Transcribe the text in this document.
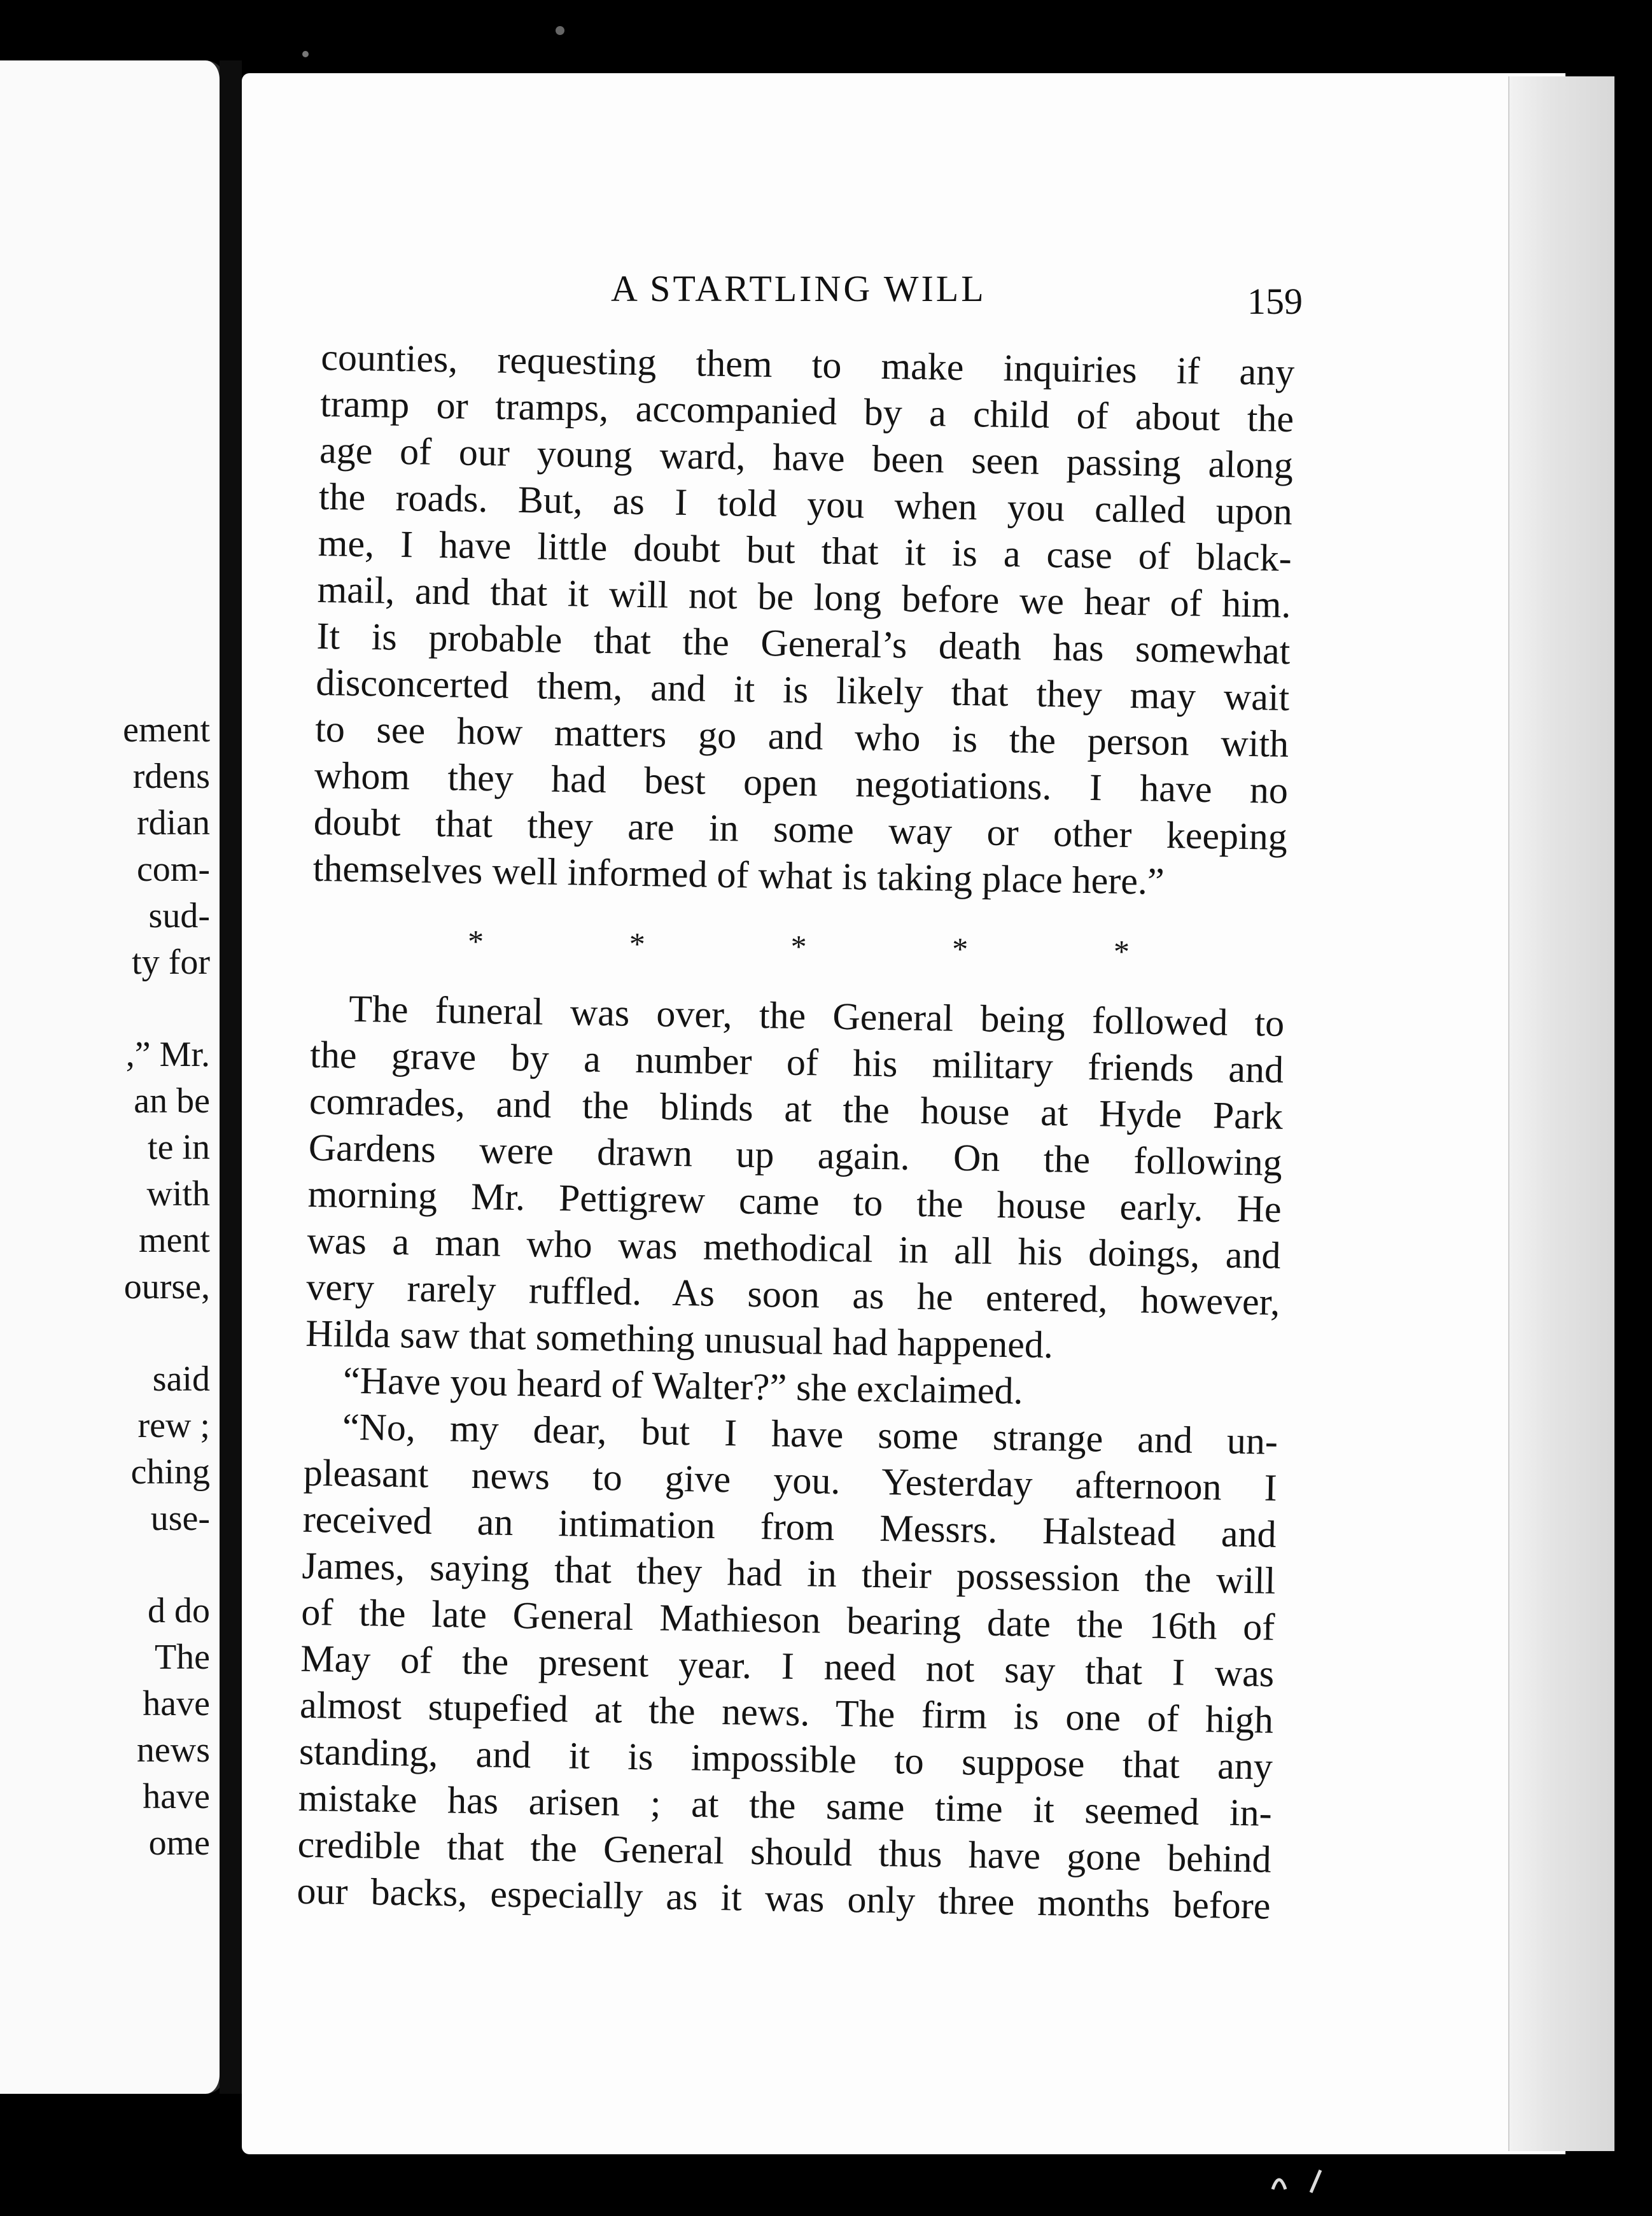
ement
rdens
rdian
com-
sud-
ty for
,” Mr.
an be
te in
with
ment
ourse,
said
rew ;
ching
use-
d do
The
have
news
have
ome
A STARTLING WILL	159
counties, requesting them to make inquiries if any
tramp or tramps, accompanied by a child of about the
age of our young ward, have been seen passing along
the roads. But, as I told you when you called upon
me, I have little doubt but that it is a case of black-
mail, and that it will not be long before we hear of him.
It is probable that the General’s death has somewhat
disconcerted them, and it is likely that they may wait
to see how matters go and who is the person with
whom they had best open negotiations. I have no
doubt that they are in some way or other keeping
themselves well informed of what is taking place here.”
*	*	*	*	*
The funeral was over, the General being followed to
the grave by a number of his military friends and
comrades, and the blinds at the house at Hyde Park
Gardens were drawn up again. On the following
morning Mr. Pettigrew came to the house early. He
was a man who was methodical in all his doings, and
very rarely ruffled. As soon as he entered, however,
Hilda saw that something unusual had happened.
“Have you heard of Walter?” she exclaimed.
“No, my dear, but I have some strange and un-
pleasant news to give you. Yesterday afternoon I
received an intimation from Messrs. Halstead and
James, saying that they had in their possession the will
of the late General Mathieson bearing date the 16th of
May of the present year. I need not say that I was
almost stupefied at the news. The firm is one of high
standing, and it is impossible to suppose that any
mistake has arisen ; at the same time it seemed in-
credible that the General should thus have gone behind
our backs, especially as it was only three months before
